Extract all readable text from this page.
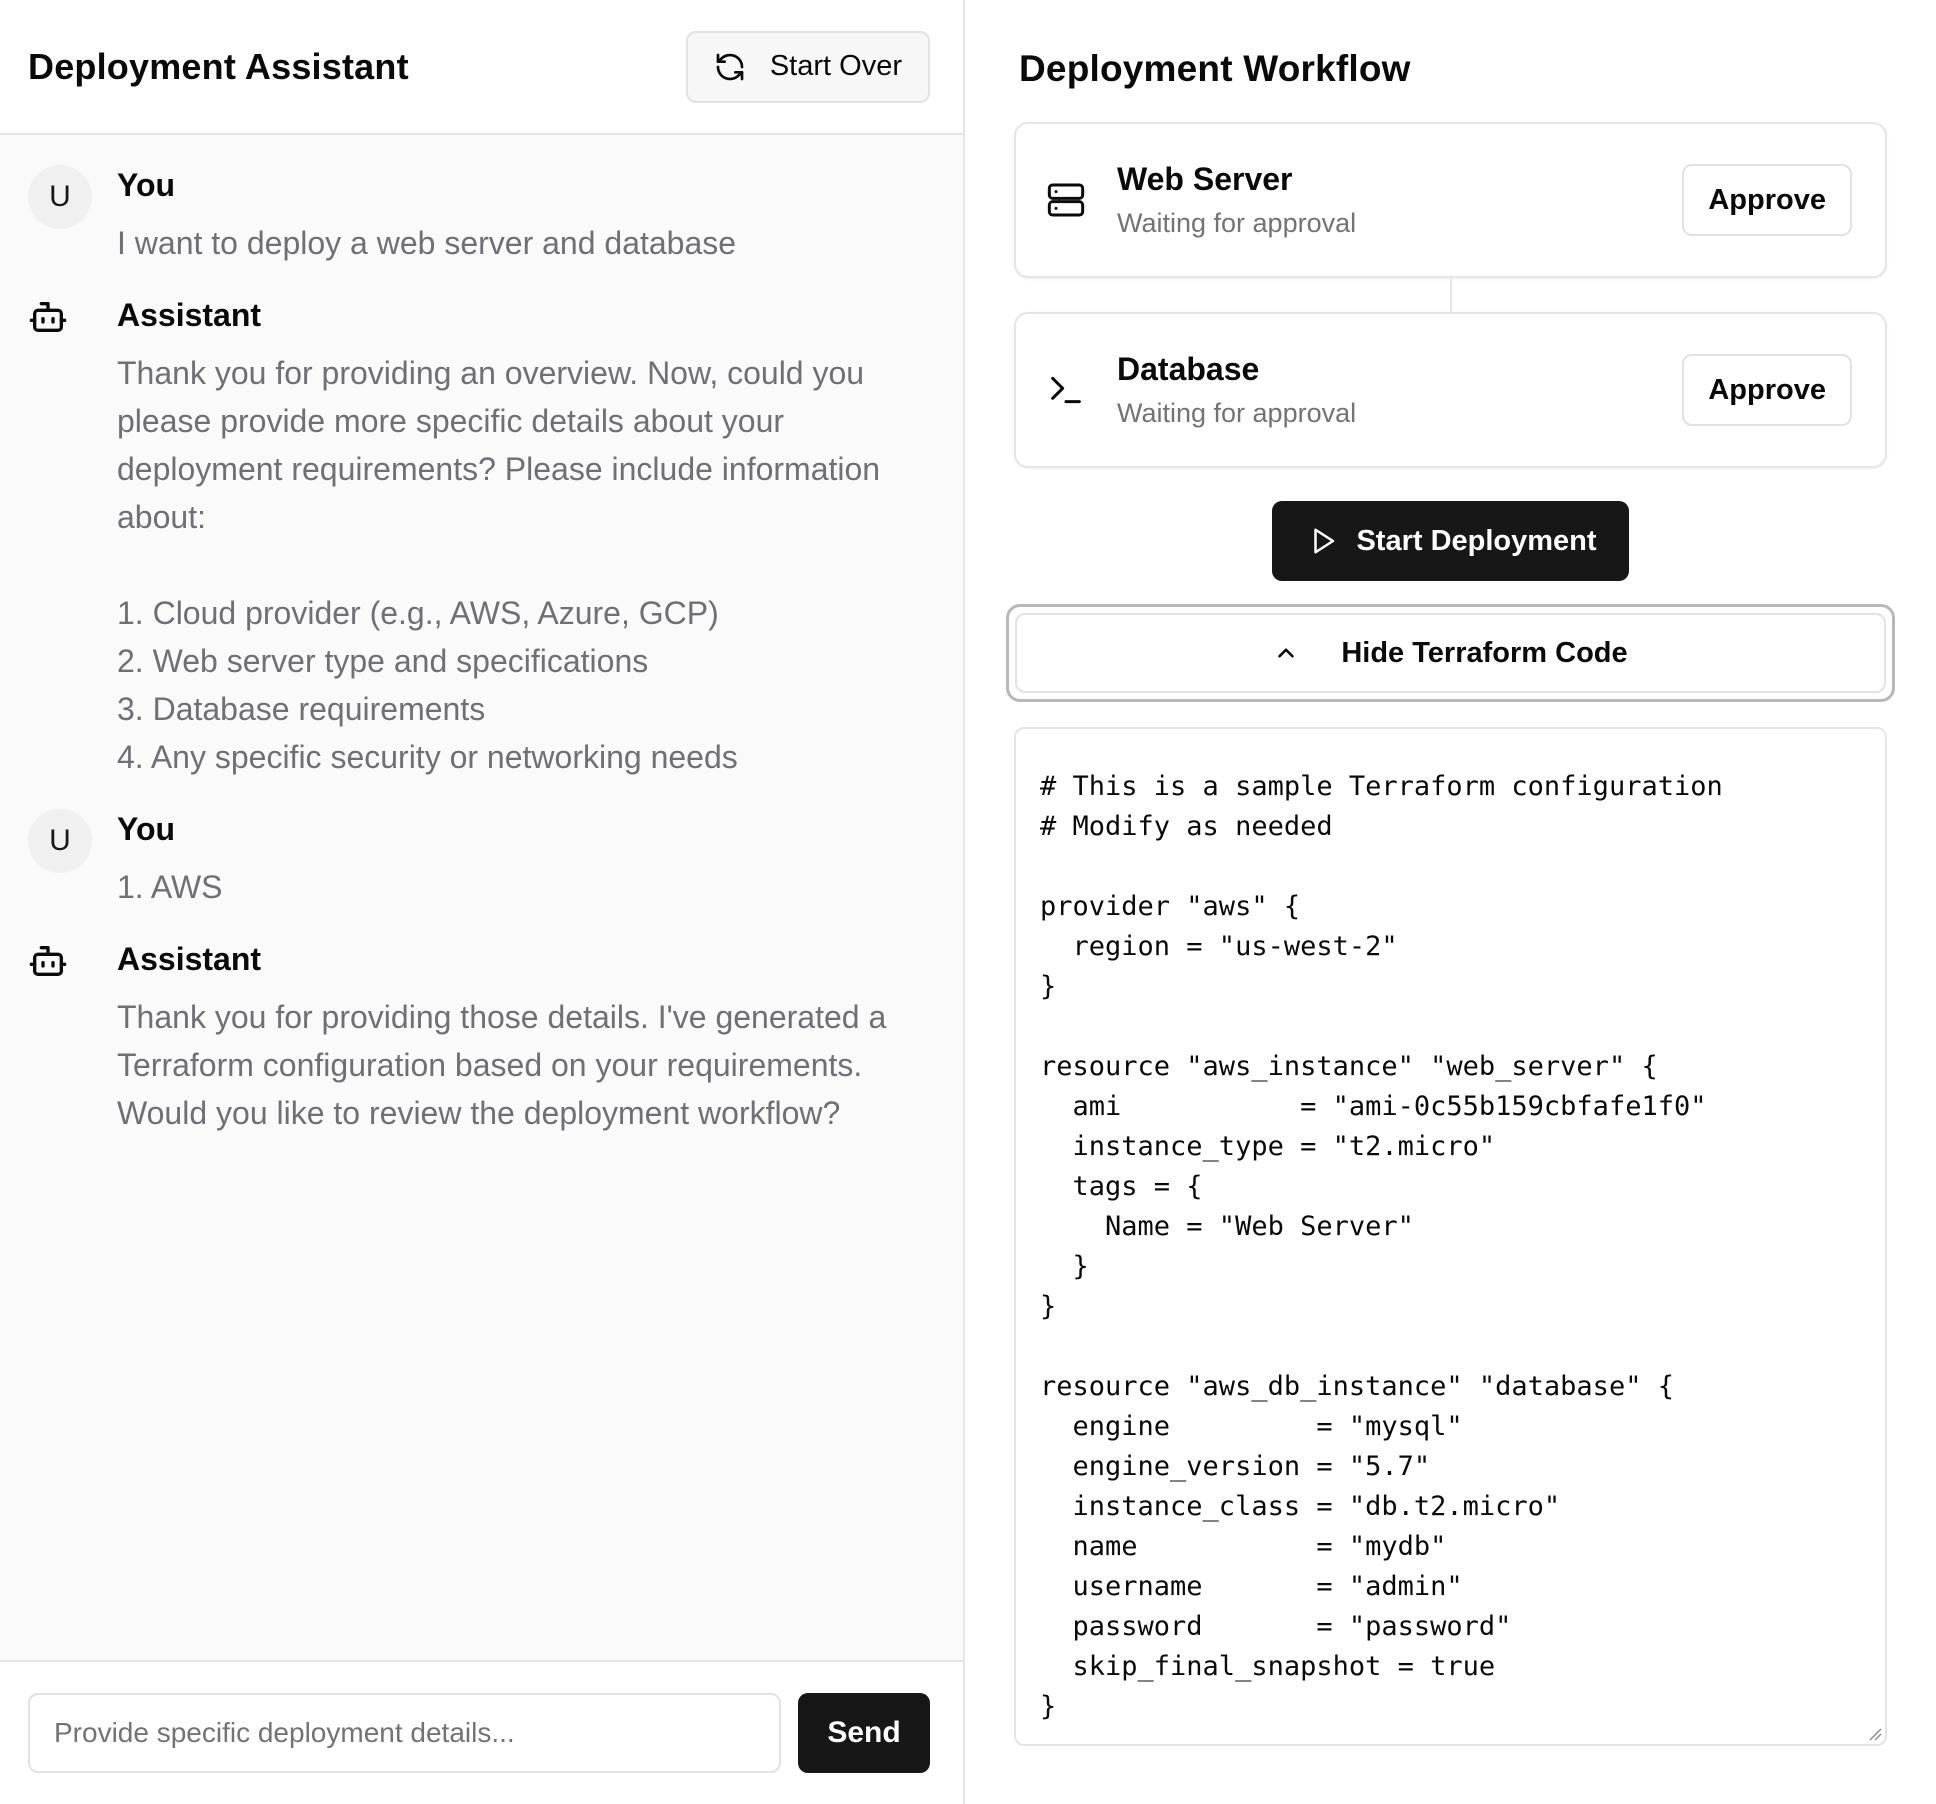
Deployment Assistant	Start Over
U	You
I want to deploy a web server and database
Assistant
Thank you for providing an overview. Now, could you please provide more specific details about your deployment requirements? Please include information about:

1. Cloud provider (e.g., AWS, Azure, GCP)
2. Web server type and specifications
3. Database requirements
4. Any specific security or networking needs
U	You
1. AWS
Assistant
Thank you for providing those details. I've generated a Terraform configuration based on your requirements. Would you like to review the deployment workflow?
Provide specific deployment details...
Send
Deployment Workflow
Web Server
Waiting for approval
Approve
Database
Waiting for approval
Approve
Start Deployment
Hide Terraform Code
# This is a sample Terraform configuration
# Modify as needed

provider "aws" {
region = "us-west-2"
}

resource "aws_instance" "web_server" {
ami           = "ami-0c55b159cbfafe1f0"
instance_type = "t2.micro"
tags = {
Name = "Web Server"
}
}

resource "aws_db_instance" "database" {
engine         = "mysql"
engine_version = "5.7"
instance_class = "db.t2.micro"
name           = "mydb"
username       = "admin"
password       = "password"
skip_final_snapshot = true
}
